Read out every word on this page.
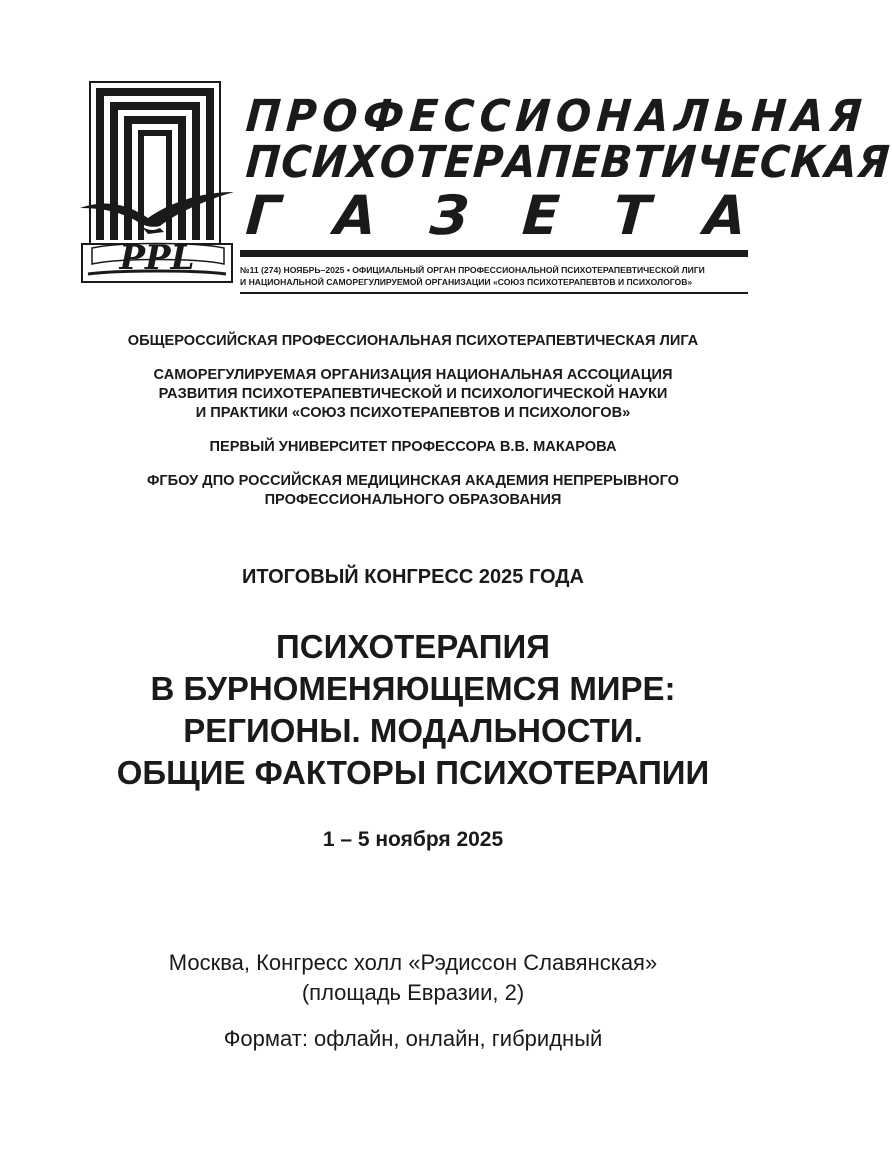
PPL
ПРОФЕССИОНАЛЬНАЯ
ПСИХОТЕРАПЕВТИЧЕСКАЯ
Г А З Е Т А
№11 (274) НОЯБРЬ–2025 • ОФИЦИАЛЬНЫЙ ОРГАН ПРОФЕССИОНАЛЬНОЙ ПСИХОТЕРАПЕВТИЧЕСКОЙ ЛИГИ
И НАЦИОНАЛЬНОЙ САМОРЕГУЛИРУЕМОЙ ОРГАНИЗАЦИИ «СОЮЗ ПСИХОТЕРАПЕВТОВ И ПСИХОЛОГОВ»
ОБЩЕРОССИЙСКАЯ ПРОФЕССИОНАЛЬНАЯ ПСИХОТЕРАПЕВТИЧЕСКАЯ ЛИГА
САМОРЕГУЛИРУЕМАЯ ОРГАНИЗАЦИЯ НАЦИОНАЛЬНАЯ АССОЦИАЦИЯ
РАЗВИТИЯ ПСИХОТЕРАПЕВТИЧЕСКОЙ И ПСИХОЛОГИЧЕСКОЙ НАУКИ
И ПРАКТИКИ «СОЮЗ ПСИХОТЕРАПЕВТОВ И ПСИХОЛОГОВ»
ПЕРВЫЙ УНИВЕРСИТЕТ ПРОФЕССОРА В.В. МАКАРОВА
ФГБОУ ДПО РОССИЙСКАЯ МЕДИЦИНСКАЯ АКАДЕМИЯ НЕПРЕРЫВНОГО
ПРОФЕССИОНАЛЬНОГО ОБРАЗОВАНИЯ
ИТОГОВЫЙ КОНГРЕСС 2025 ГОДА
ПСИХОТЕРАПИЯ
В БУРНОМЕНЯЮЩЕМСЯ МИРЕ:
РЕГИОНЫ. МОДАЛЬНОСТИ.
ОБЩИЕ ФАКТОРЫ ПСИХОТЕРАПИИ
1 – 5 ноября 2025
Москва, Конгресс холл «Рэдиссон Славянская»
(площадь Евразии, 2)
Формат: офлайн, онлайн, гибридный
